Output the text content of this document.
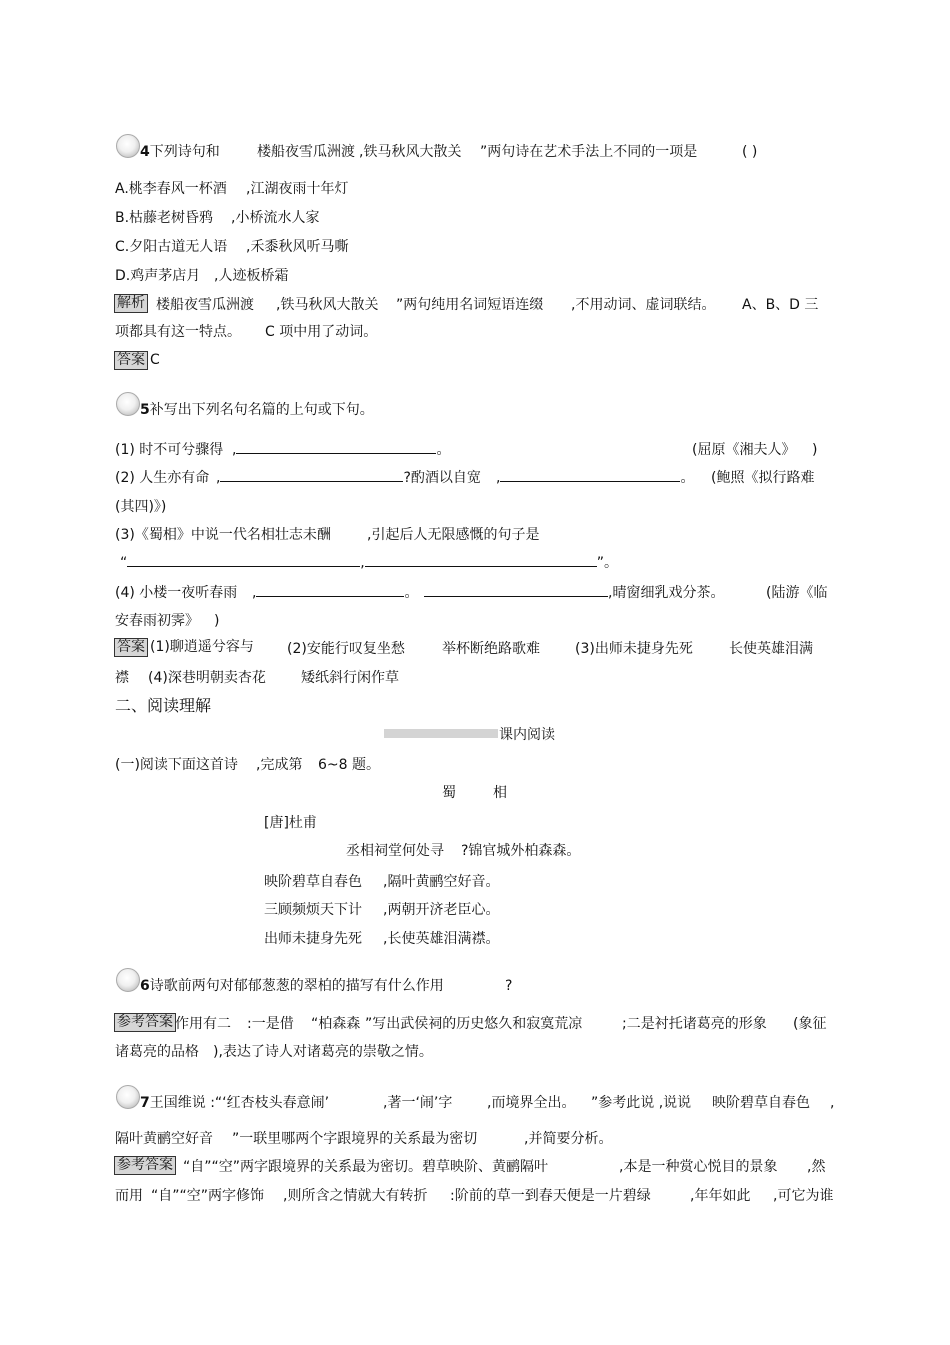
4下列诗句和	楼船夜雪瓜洲渡 ,铁马秋风大散关 ”两句诗在艺术手法上不同的一项是	( )
A.桃李春风一杯酒 ,江湖夜雨十年灯
B.枯藤老树昏鸦 ,小桥流水人家
C.夕阳古道无人语 ,禾黍秋风听马嘶
D.鸡声茅店月 ,人迹板桥霜
解析 楼船夜雪瓜洲渡 ,铁马秋风大散关 ”两句纯用名词短语连缀 ,不用动词、虚词联结。 A、B、D 三
项都具有这一特点。 C 项中用了动词。
答案 C
5补写出下列名句名篇的上句或下句。
(1) 时不可兮骤得 ,	。	(屈原《湘夫人》 )
(2) 人生亦有命 ,	?酌酒以自宽 ,	。 (鲍照《拟行路难
(其四)》)
(3)《蜀相》中说一代名相壮志未酬	,引起后人无限感慨的句子是
“	,	”。
(4) 小楼一夜听春雨 ,	。	,晴窗细乳戏分茶。	(陆游《临
安春雨初霁》 )
答案 (1)聊逍遥兮容与 (2)安能行叹复坐愁	举杯断绝路歌难	(3)出师未捷身先死	长使英雄泪满
襟 (4)深巷明朝卖杏花	矮纸斜行闲作草
二、阅读理解
课内阅读
(一)阅读下面这首诗 ,完成第 6~8 题。
蜀	相
[唐]杜甫
丞相祠堂何处寻 ?锦官城外柏森森。
映阶碧草自春色 ,隔叶黄鹂空好音。
三顾频烦天下计 ,两朝开济老臣心。
出师未捷身先死 ,长使英雄泪满襟。
6诗歌前两句对郁郁葱葱的翠柏的描写有什么作用	?
参考答案 作用有二 :一是借 “柏森森 ”写出武侯祠的历史悠久和寂寞荒凉	;二是衬托诸葛亮的形象 (象征
诸葛亮的品格 ),表达了诗人对诸葛亮的崇敬之情。
7王国维说 :“‘红杏枝头春意闹’	,著一‘闹’字 ,而境界全出。 ”参考此说 ,说说 映阶碧草自春色 ,
隔叶黄鹂空好音 ”一联里哪两个字跟境界的关系最为密切	,并简要分析。
参考答案 “自”“空”两字跟境界的关系最为密切。碧草映阶、黄鹂隔叶	,本是一种赏心悦目的景象 ,然
而用 “自”“空”两字修饰 ,则所含之情就大有转折 :阶前的草一到春天便是一片碧绿	,年年如此 ,可它为谁
